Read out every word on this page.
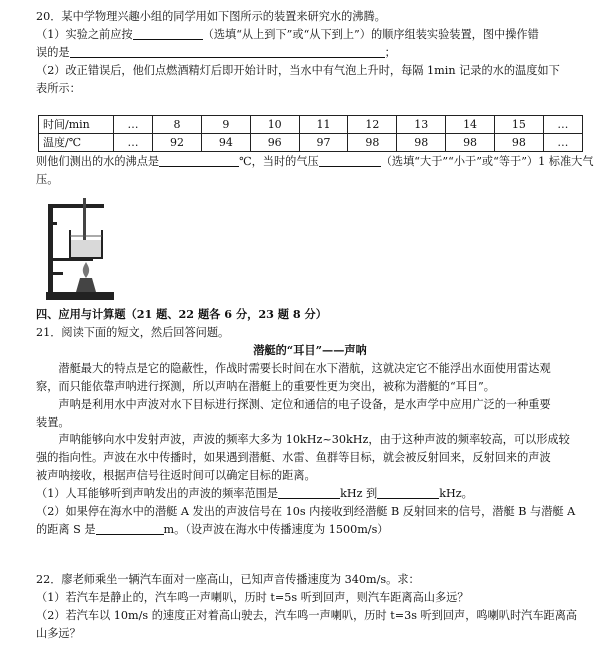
20．某中学物理兴趣小组的同学用如下图所示的装置来研究水的沸腾。
（1）实验之前应按	（选填“从上到下”或“从下到上”）的顺序组装实验装置，图中操作错
误的是	；
（2）改正错误后，他们点燃酒精灯后即开始计时，当水中有气泡上升时，每隔 1min 记录的水的温度如下
表所示：
时间/min	…	8	9	10	11	12	13	14	15	…
温度/℃	…	92	94	96	97	98	98	98	98	…
则他们测出的水的沸点是	℃，当时的气压	（选填“大于”“小于”或“等于”）1 标准大气
压。
四、应用与计算题（21 题、22 题各 6 分，23 题 8 分）
21．阅读下面的短文，然后回答问题。
潜艇的“耳目”——声呐
潜艇最大的特点是它的隐蔽性，作战时需要长时间在水下潜航，这就决定它不能浮出水面使用雷达观
察，而只能依靠声呐进行探测，所以声呐在潜艇上的重要性更为突出，被称为潜艇的“耳目”。
声呐是利用水中声波对水下目标进行探测、定位和通信的电子设备，是水声学中应用广泛的一种重要
装置。
声呐能够向水中发射声波，声波的频率大多为 10kHz~30kHz，由于这种声波的频率较高，可以形成较
强的指向性。声波在水中传播时，如果遇到潜艇、水雷、鱼群等目标，就会被反射回来，反射回来的声波
被声呐接收，根据声信号往返时间可以确定目标的距离。
（1）人耳能够听到声呐发出的声波的频率范围是	kHz 到	kHz。
（2）如果停在海水中的潜艇 A 发出的声波信号在 10s 内接收到经潜艇 B 反射回来的信号，潜艇 B 与潜艇 A
的距离 S 是	m。（设声波在海水中传播速度为 1500m/s）
22．廖老师乘坐一辆汽车面对一座高山，已知声音传播速度为 340m/s。求：
（1）若汽车是静止的，汽车鸣一声喇叭，历时 t=5s 听到回声，则汽车距离高山多远？
（2）若汽车以 10m/s 的速度正对着高山驶去，汽车鸣一声喇叭，历时 t=3s 听到回声，鸣喇叭时汽车距离高
山多远？
